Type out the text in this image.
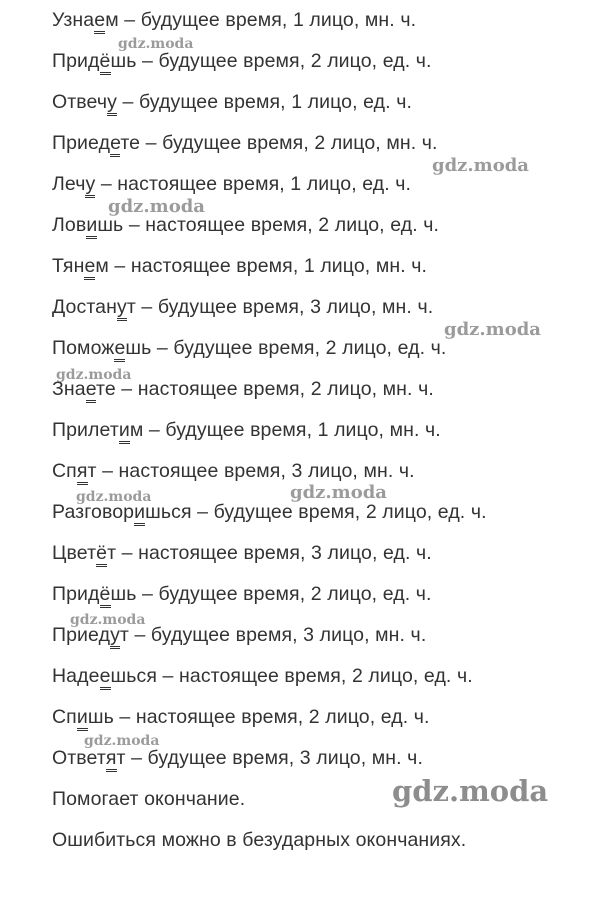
Узнаем – будущее время, 1 лицо, мн. ч.
Придёшь – будущее время, 2 лицо, ед. ч.
Отвечу – будущее время, 1 лицо, ед. ч.
Приедете – будущее время, 2 лицо, мн. ч.
Лечу – настоящее время, 1 лицо, ед. ч.
Ловишь – настоящее время, 2 лицо, ед. ч.
Тянем – настоящее время, 1 лицо, мн. ч.
Достанут – будущее время, 3 лицо, мн. ч.
Поможешь – будущее время, 2 лицо, ед. ч.
Знаете – настоящее время, 2 лицо, мн. ч.
Прилетим – будущее время, 1 лицо, мн. ч.
Спят – настоящее время, 3 лицо, мн. ч.
Разговоришься – будущее время, 2 лицо, ед. ч.
Цветёт – настоящее время, 3 лицо, ед. ч.
Придёшь – будущее время, 2 лицо, ед. ч.
Приедут – будущее время, 3 лицо, мн. ч.
Надеешься – настоящее время, 2 лицо, ед. ч.
Спишь – настоящее время, 2 лицо, ед. ч.
Ответят – будущее время, 3 лицо, мн. ч.
Помогает окончание.
Ошибиться можно в безударных окончаниях.
gdz.moda
gdz.moda
gdz.moda
gdz.moda
gdz.moda
gdz.moda	gdz.moda
gdz.moda
gdz.moda
gdz.moda
